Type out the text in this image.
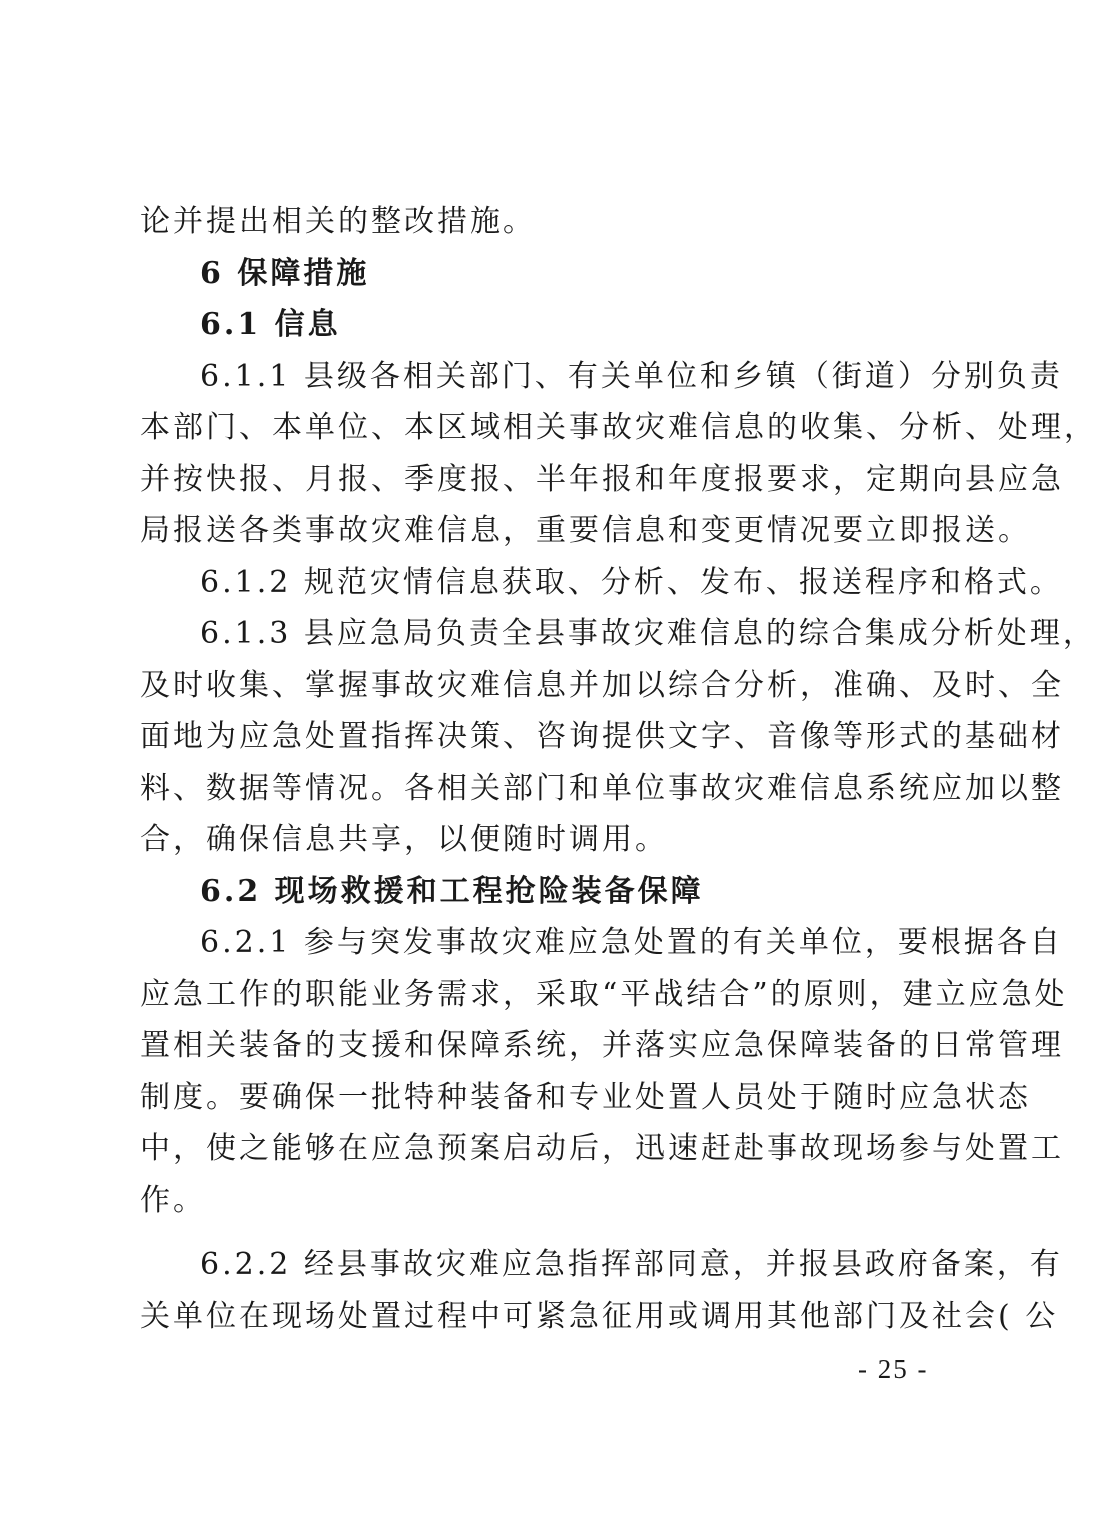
论并提出相关的整改措施。
6 保障措施
6.1 信息
6.1.1 县级各相关部门、有关单位和乡镇（街道）分别负责
本部门、本单位、本区域相关事故灾难信息的收集、分析、处理，
并按快报、月报、季度报、半年报和年度报要求，定期向县应急
局报送各类事故灾难信息，重要信息和变更情况要立即报送。
6.1.2 规范灾情信息获取、分析、发布、报送程序和格式。
6.1.3 县应急局负责全县事故灾难信息的综合集成分析处理，
及时收集、掌握事故灾难信息并加以综合分析，准确、及时、全
面地为应急处置指挥决策、咨询提供文字、音像等形式的基础材
料、数据等情况。各相关部门和单位事故灾难信息系统应加以整
合，确保信息共享，以便随时调用。
6.2 现场救援和工程抢险装备保障
6.2.1 参与突发事故灾难应急处置的有关单位，要根据各自
应急工作的职能业务需求，采取“平战结合”的原则，建立应急处
置相关装备的支援和保障系统，并落实应急保障装备的日常管理
制度。要确保一批特种装备和专业处置人员处于随时应急状态
中，使之能够在应急预案启动后，迅速赶赴事故现场参与处置工
作。
6.2.2 经县事故灾难应急指挥部同意，并报县政府备案，有
关单位在现场处置过程中可紧急征用或调用其他部门及社会( 公
- 25 -
